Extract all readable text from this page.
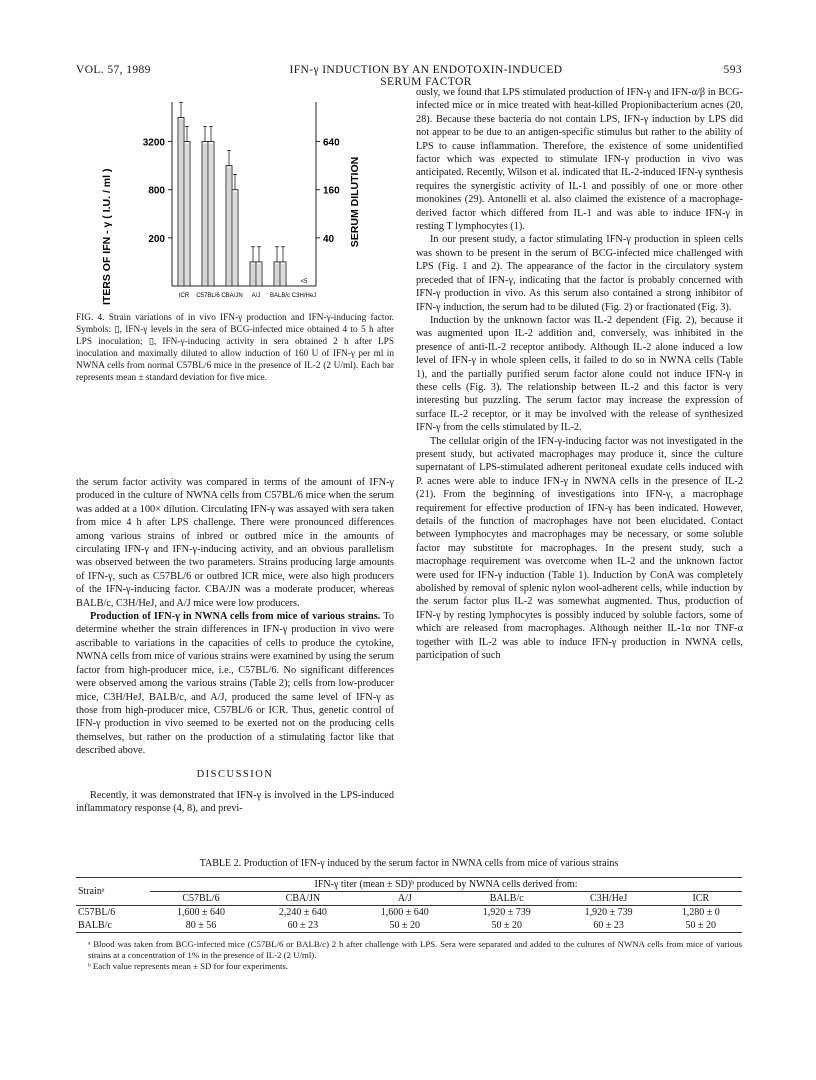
VOL. 57, 1989	IFN-γ INDUCTION BY AN ENDOTOXIN-INDUCED SERUM FACTOR
593
3200
800
200
640
160
40
ICR C57BL/6 CBA/JN A/J BALB/c C3H/HeJ
<5
TITERS OF IFN - γ ( I.U. / ml )	SERUM DILUTION
FIG. 4. Strain variations of in vivo IFN-γ production and IFN-γ-inducing factor. Symbols: ▯, IFN-γ levels in the sera of BCG-infected mice obtained 4 to 5 h after LPS inoculation; ▯, IFN-γ-inducing activity in sera obtained 2 h after LPS inoculation and maximally diluted to allow induction of 160 U of IFN-γ per ml in NWNA cells from normal C57BL/6 mice in the presence of IL-2 (2 U/ml). Each bar represents mean ± standard deviation for five mice.

the serum factor activity was compared in terms of the amount of IFN-γ produced in the culture of NWNA cells from C57BL/6 mice when the serum was added at a 100× dilution. Circulating IFN-γ was assayed with sera taken from mice 4 h after LPS challenge. There were pronounced differences among various strains of inbred or outbred mice in the amounts of circulating IFN-γ and IFN-γ-inducing activity, and an obvious parallelism was observed between the two parameters. Strains producing large amounts of IFN-γ, such as C57BL/6 or outbred ICR mice, were also high producers of the IFN-γ-inducing factor. CBA/JN was a moderate producer, whereas BALB/c, C3H/HeJ, and A/J mice were low producers.

Production of IFN-γ in NWNA cells from mice of various strains. To determine whether the strain differences in IFN-γ production in vivo were ascribable to variations in the capacities of cells to produce the cytokine, NWNA cells from mice of various strains were examined by using the serum factor from high-producer mice, i.e., C57BL/6. No significant differences were observed among the various strains (Table 2); cells from low-producer mice, C3H/HeJ, BALB/c, and A/J, produced the same level of IFN-γ as those from high-producer mice, C57BL/6 or ICR. Thus, genetic control of IFN-γ production in vivo seemed to be exerted not on the producing cells themselves, but rather on the production of a stimulating factor like that described above.

DISCUSSION

Recently, it was demonstrated that IFN-γ is involved in the LPS-induced inflammatory response (4, 8), and previ-

ously, we found that LPS stimulated production of IFN-γ and IFN-α/β in BCG-infected mice or in mice treated with heat-killed Propionibacterium acnes (20, 28). Because these bacteria do not contain LPS, IFN-γ induction by LPS did not appear to be due to an antigen-specific stimulus but rather to the ability of LPS to cause inflammation. Therefore, the existence of some unidentified factor which was expected to stimulate IFN-γ production in vivo was anticipated. Recently, Wilson et al. indicated that IL-2-induced IFN-γ synthesis requires the synergistic activity of IL-1 and possibly of one or more other monokines (29). Antonelli et al. also claimed the existence of a macrophage-derived factor which differed from IL-1 and was able to induce IFN-γ in resting T lymphocytes (1).

In our present study, a factor stimulating IFN-γ production in spleen cells was shown to be present in the serum of BCG-infected mice challenged with LPS (Fig. 1 and 2). The appearance of the factor in the circulatory system preceded that of IFN-γ, indicating that the factor is probably concerned with IFN-γ production in vivo. As this serum also contained a strong inhibitor of IFN-γ induction, the serum had to be diluted (Fig. 2) or fractionated (Fig. 3).

Induction by the unknown factor was IL-2 dependent (Fig. 2), because it was augmented upon IL-2 addition and, conversely, was inhibited in the presence of anti-IL-2 receptor antibody. Although IL-2 alone induced a low level of IFN-γ in whole spleen cells, it failed to do so in NWNA cells (Table 1), and the partially purified serum factor alone could not induce IFN-γ in these cells (Fig. 3). The relationship between IL-2 and this factor is very interesting but puzzling. The serum factor may increase the expression of surface IL-2 receptor, or it may be involved with the release of synthesized IFN-γ from the cells stimulated by IL-2.

The cellular origin of the IFN-γ-inducing factor was not investigated in the present study, but activated macrophages may produce it, since the culture supernatant of LPS-stimulated adherent peritoneal exudate cells induced with P. acnes were able to induce IFN-γ in NWNA cells in the presence of IL-2 (21). From the beginning of investigations into IFN-γ, a macrophage requirement for effective production of IFN-γ has been indicated. However, details of the function of macrophages have not been elucidated. Contact between lymphocytes and macrophages may be necessary, or some soluble factor may substitute for macrophages. In the present study, such a macrophage requirement was overcome when IL-2 and the unknown factor were used for IFN-γ induction (Table 1). Induction by ConA was completely abolished by removal of splenic nylon wool-adherent cells, while induction by the serum factor plus IL-2 was somewhat augmented. Thus, production of IFN-γ by resting lymphocytes is possibly induced by soluble factors, some of which are released from macrophages. Although neither IL-1α nor TNF-α together with IL-2 was able to induce IFN-γ production in NWNA cells, participation of such

TABLE 2. Production of IFN-γ induced by the serum factor in NWNA cells from mice of various strains
Strainᵃ	IFN-γ titer (mean ± SD)ᵇ produced by NWNA cells derived from:					
	C57BL/6	CBA/JN	A/J	BALB/c	C3H/HeJ	ICR
C57BL/6	1,600 ± 640	2,240 ± 640	1,600 ± 640	1,920 ± 739	1,920 ± 739	1,280 ± 0
BALB/c	80 ± 56	60 ± 23	50 ± 20	50 ± 20	60 ± 23	50 ± 20

ᵃ Blood was taken from BCG-infected mice (C57BL/6 or BALB/c) 2 h after challenge with LPS. Sera were separated and added to the cultures of NWNA cells from mice of various strains at a concentration of 1% in the presence of IL-2 (2 U/ml).

ᵇ Each value represents mean ± SD for four experiments.
